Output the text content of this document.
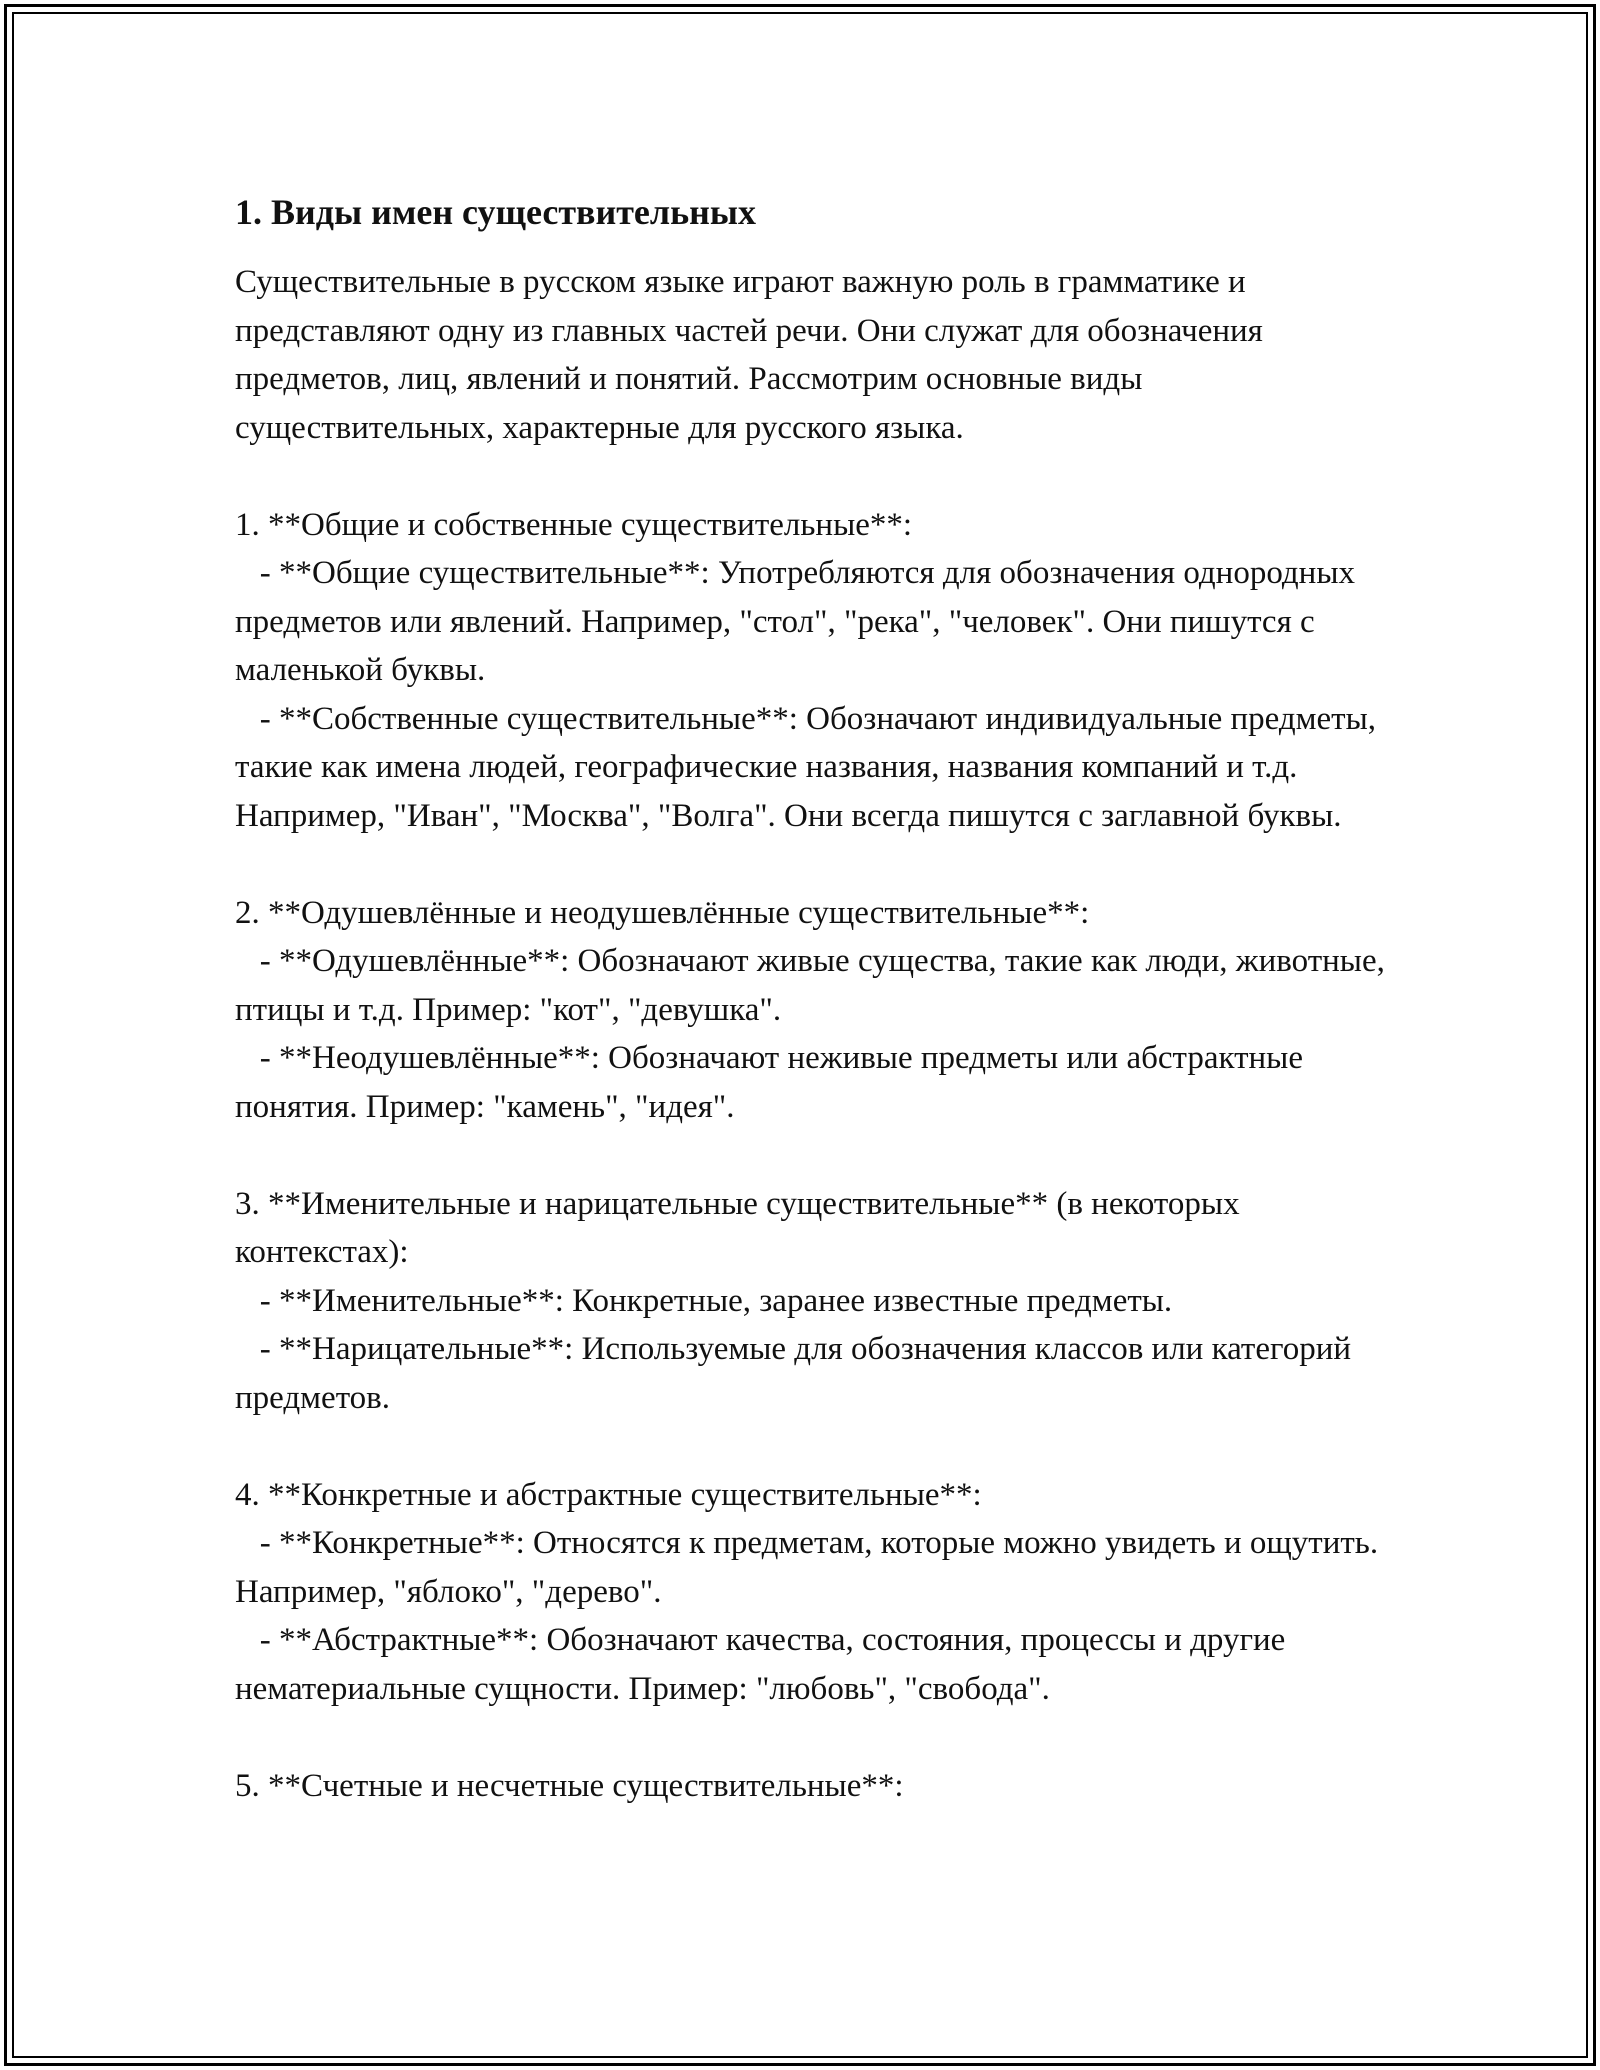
1. Виды имен существительных

Существительные в русском языке играют важную роль в грамматике и представляют одну из главных частей речи. Они служат для обозначения предметов, лиц, явлений и понятий. Рассмотрим основные виды существительных, характерные для русского языка.

1. **Общие и собственные существительные**:
- **Общие существительные**: Употребляются для обозначения однородных предметов или явлений. Например, "стол", "река", "человек". Они пишутся с маленькой буквы.
- **Собственные существительные**: Обозначают индивидуальные предметы, такие как имена людей, географические названия, названия компаний и т.д. Например, "Иван", "Москва", "Волга". Они всегда пишутся с заглавной буквы.
2. **Одушевлённые и неодушевлённые существительные**:
- **Одушевлённые**: Обозначают живые существа, такие как люди, животные, птицы и т.д. Пример: "кот", "девушка".
- **Неодушевлённые**: Обозначают неживые предметы или абстрактные понятия. Пример: "камень", "идея".
3. **Именительные и нарицательные существительные** (в некоторых контекстах):
- **Именительные**: Конкретные, заранее известные предметы.
- **Нарицательные**: Используемые для обозначения классов или категорий предметов.
4. **Конкретные и абстрактные существительные**:
- **Конкретные**: Относятся к предметам, которые можно увидеть и ощутить. Например, "яблоко", "дерево".
- **Абстрактные**: Обозначают качества, состояния, процессы и другие нематериальные сущности. Пример: "любовь", "свобода".
5. **Счетные и несчетные существительные**:
